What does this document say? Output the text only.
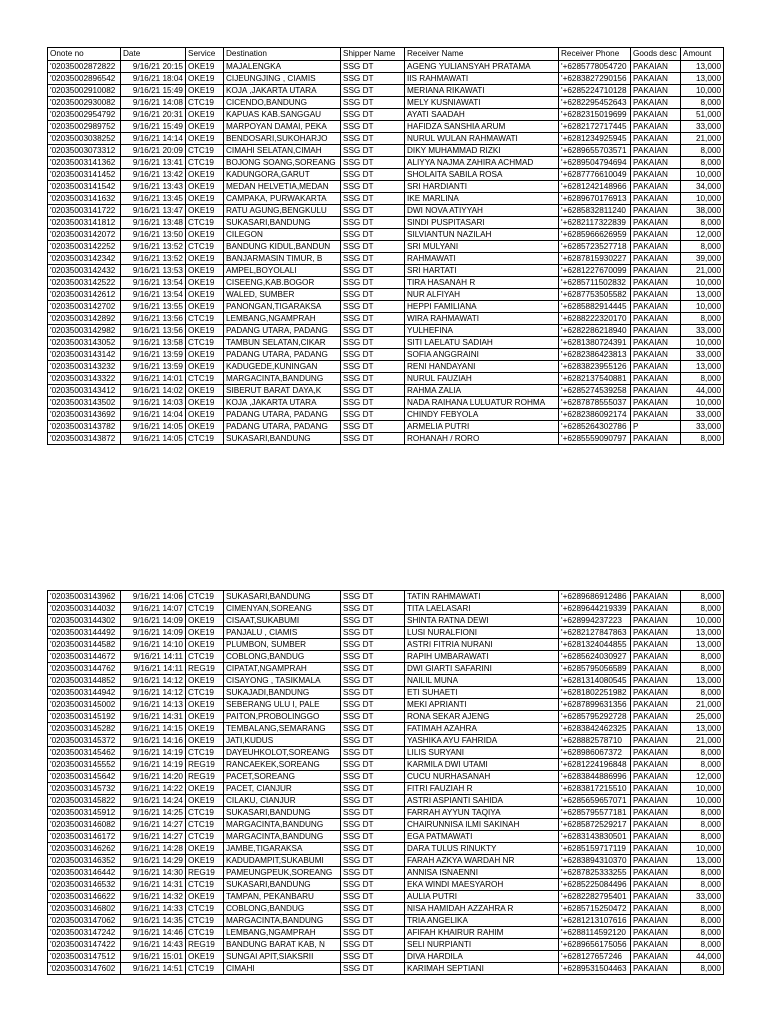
Onote no	Date	Service	Destination	Shipper Name	Receiver Name	Receiver Phone	Goods desc	Amount
'02035002872822	9/16/21 20:15	OKE19	MAJALENGKA	SSG DT	AGENG YULIANSYAH PRATAMA	'+6285778054720	PAKAIAN	13,000
'02035002896542	9/16/21 18:04	OKE19	CIJEUNGJING , CIAMIS	SSG DT	IIS RAHMAWATI	'+6283827290156	PAKAIAN	13,000
'02035002910082	9/16/21 15:49	OKE19	KOJA ,JAKARTA UTARA	SSG DT	MERIANA RIKAWATI	'+6285224710128	PAKAIAN	10,000
'02035002930082	9/16/21 14:08	CTC19	CICENDO,BANDUNG	SSG DT	MELY KUSNIAWATI	'+6282295452643	PAKAIAN	8,000
'02035002954792	9/16/21 20:31	OKE19	KAPUAS KAB.SANGGAU	SSG DT	AYATI SAADAH	'+6282315019699	PAKAIAN	51,000
'02035002989752	9/16/21 15:49	OKE19	MARPOYAN DAMAI, PEKA	SSG DT	HAFIDZA SANSHIA ARUM	'+6282172717445	PAKAIAN	33,000
'02035003038252	9/16/21 14:14	OKE19	BENDOSARI,SUKOHARJO	SSG DT	NURUL WULAN RAHMAWATI	'+6281234925945	PAKAIAN	21,000
'02035003073312	9/16/21 20:09	CTC19	CIMAHI SELATAN,CIMAH	SSG DT	DIKY MUHAMMAD RIZKI	'+6289655703571	PAKAIAN	8,000
'02035003141362	9/16/21 13:41	CTC19	BOJONG SOANG,SOREANG	SSG DT	ALIYYA NAJMA ZAHIRA ACHMAD	'+6289504794694	PAKAIAN	8,000
'02035003141452	9/16/21 13:42	OKE19	KADUNGORA,GARUT	SSG DT	SHOLAITA SABILA ROSA	'+6287776610049	PAKAIAN	10,000
'02035003141542	9/16/21 13:43	OKE19	MEDAN HELVETIA,MEDAN	SSG DT	SRI HARDIANTI	'+6281242148966	PAKAIAN	34,000
'02035003141632	9/16/21 13:45	OKE19	CAMPAKA, PURWAKARTA	SSG DT	IKE MARLINA	'+6289670176913	PAKAIAN	10,000
'02035003141722	9/16/21 13:47	OKE19	RATU AGUNG,BENGKULU	SSG DT	DWI NOVA ATIYYAH	'+6285832811240	PAKAIAN	38,000
'02035003141812	9/16/21 13:48	CTC19	SUKASARI,BANDUNG	SSG DT	SINDI PUSPITASARI	'+6282117322839	PAKAIAN	8,000
'02035003142072	9/16/21 13:50	OKE19	CILEGON	SSG DT	SILVIANTUN NAZILAH	'+6285966626959	PAKAIAN	12,000
'02035003142252	9/16/21 13:52	CTC19	BANDUNG KIDUL,BANDUN	SSG DT	SRI MULYANI	'+6285723527718	PAKAIAN	8,000
'02035003142342	9/16/21 13:52	OKE19	BANJARMASIN TIMUR, B	SSG DT	RAHMAWATI	'+6287815930227	PAKAIAN	39,000
'02035003142432	9/16/21 13:53	OKE19	AMPEL,BOYOLALI	SSG DT	SRI HARTATI	'+6281227670099	PAKAIAN	21,000
'02035003142522	9/16/21 13:54	OKE19	CISEENG,KAB.BOGOR	SSG DT	TIRA HASANAH R	'+6285711502832	PAKAIAN	10,000
'02035003142612	9/16/21 13:54	OKE19	WALED, SUMBER	SSG DT	NUR ALFIYAH	'+6287753505582	PAKAIAN	13,000
'02035003142702	9/16/21 13:55	OKE19	PANONGAN,TIGARAKSA	SSG DT	HEPPI FAMILIANA	'+6285882914445	PAKAIAN	10,000
'02035003142892	9/16/21 13:56	CTC19	LEMBANG,NGAMPRAH	SSG DT	WIRA RAHMAWATI	'+6288222320170	PAKAIAN	8,000
'02035003142982	9/16/21 13:56	OKE19	PADANG UTARA, PADANG	SSG DT	YULHEFINA	'+6282286218940	PAKAIAN	33,000
'02035003143052	9/16/21 13:58	CTC19	TAMBUN SELATAN,CIKAR	SSG DT	SITI LAELATU SADIAH	'+6281380724391	PAKAIAN	10,000
'02035003143142	9/16/21 13:59	OKE19	PADANG UTARA, PADANG	SSG DT	SOFIA ANGGRAINI	'+6282386423813	PAKAIAN	33,000
'02035003143232	9/16/21 13:59	OKE19	KADUGEDE,KUNINGAN	SSG DT	RENI HANDAYANI	'+6283823955126	PAKAIAN	13,000
'02035003143322	9/16/21 14:01	CTC19	MARGACINTA,BANDUNG	SSG DT	NURUL FAUZIAH	'+6282137540881	PAKAIAN	8,000
'02035003143412	9/16/21 14:02	OKE19	SIBERUT BARAT DAYA,K	SSG DT	RAHMA ZALIA	'+6285274539258	PAKAIAN	44,000
'02035003143502	9/16/21 14:03	OKE19	KOJA ,JAKARTA UTARA	SSG DT	NADA RAIHANA LULUATUR ROHMA	'+6287878555037	PAKAIAN	10,000
'02035003143692	9/16/21 14:04	OKE19	PADANG UTARA, PADANG	SSG DT	CHINDY FEBYOLA	'+6282386092174	PAKAIAN	33,000
'02035003143782	9/16/21 14:05	OKE19	PADANG UTARA, PADANG	SSG DT	ARMELIA PUTRI	'+6285264302786	P	33,000
'02035003143872	9/16/21 14:05	CTC19	SUKASARI,BANDUNG	SSG DT	ROHANAH / RORO	'+6285559090797	PAKAIAN	8,000
'02035003143962	9/16/21 14:06	CTC19	SUKASARI,BANDUNG	SSG DT	TATIN RAHMAWATI	'+6289686912486	PAKAIAN	8,000
'02035003144032	9/16/21 14:07	CTC19	CIMENYAN,SOREANG	SSG DT	TITA LAELASARI	'+6289644219339	PAKAIAN	8,000
'02035003144302	9/16/21 14:09	OKE19	CISAAT,SUKABUMI	SSG DT	SHINTA RATNA DEWI	'+628994237223	PAKAIAN	10,000
'02035003144492	9/16/21 14:09	OKE19	PANJALU , CIAMIS	SSG DT	LUSI NURALFIONI	'+6282127847863	PAKAIAN	13,000
'02035003144582	9/16/21 14:10	OKE19	PLUMBON, SUMBER	SSG DT	ASTRI FITRIA NURANI	'+6281324044855	PAKAIAN	13,000
'02035003144672	9/16/21 14:11	CTC19	COBLONG,BANDUG	SSG DT	RAPIH UMBARAWATI	'+6285624030927	PAKAIAN	8,000
'02035003144762	9/16/21 14:11	REG19	CIPATAT,NGAMPRAH	SSG DT	DWI GIARTI SAFARINI	'+6285795056589	PAKAIAN	8,000
'02035003144852	9/16/21 14:12	OKE19	CISAYONG , TASIKMALA	SSG DT	NAILIL MUNA	'+6281314080545	PAKAIAN	13,000
'02035003144942	9/16/21 14:12	CTC19	SUKAJADI,BANDUNG	SSG DT	ETI SUHAETI	'+6281802251982	PAKAIAN	8,000
'02035003145002	9/16/21 14:13	OKE19	SEBERANG ULU I, PALE	SSG DT	MEKI APRIANTI	'+6287899631356	PAKAIAN	21,000
'02035003145192	9/16/21 14:31	OKE19	PAITON,PROBOLINGGO	SSG DT	RONA SEKAR AJENG	'+6285795292728	PAKAIAN	25,000
'02035003145282	9/16/21 14:15	OKE19	TEMBALANG,SEMARANG	SSG DT	FATIMAH AZAHRA	'+6283842462325	PAKAIAN	13,000
'02035003145372	9/16/21 14:16	OKE19	JATI,KUDUS	SSG DT	YASHIKA AYU FAHRIDA	'+628882578710	PAKAIAN	21,000
'02035003145462	9/16/21 14:19	CTC19	DAYEUHKOLOT,SOREANG	SSG DT	LILIS SURYANI	'+628986067372	PAKAIAN	8,000
'02035003145552	9/16/21 14:19	REG19	RANCAEKEK,SOREANG	SSG DT	KARMILA DWI UTAMI	'+6281224196848	PAKAIAN	8,000
'02035003145642	9/16/21 14:20	REG19	PACET,SOREANG	SSG DT	CUCU NURHASANAH	'+6283844886996	PAKAIAN	12,000
'02035003145732	9/16/21 14:22	OKE19	PACET, CIANJUR	SSG DT	FITRI FAUZIAH R	'+6283817215510	PAKAIAN	10,000
'02035003145822	9/16/21 14:24	OKE19	CILAKU, CIANJUR	SSG DT	ASTRI ASPIANTI SAHIDA	'+6285659657071	PAKAIAN	10,000
'02035003145912	9/16/21 14:25	CTC19	SUKASARI,BANDUNG	SSG DT	FARRAH AYYUN TAQIYA	'+6285795577181	PAKAIAN	8,000
'02035003146082	9/16/21 14:27	CTC19	MARGACINTA,BANDUNG	SSG DT	CHAIRUNNISA ILMI SAKINAH	'+6285872529217	PAKAIAN	8,000
'02035003146172	9/16/21 14:27	CTC19	MARGACINTA,BANDUNG	SSG DT	EGA PATMAWATI	'+6283143830501	PAKAIAN	8,000
'02035003146262	9/16/21 14:28	OKE19	JAMBE,TIGARAKSA	SSG DT	DARA TULUS RINUKTY	'+6285159717119	PAKAIAN	10,000
'02035003146352	9/16/21 14:29	OKE19	KADUDAMPIT,SUKABUMI	SSG DT	FARAH AZKYA WARDAH NR	'+6283894310370	PAKAIAN	13,000
'02035003146442	9/16/21 14:30	REG19	PAMEUNGPEUK,SOREANG	SSG DT	ANNISA ISNAENNI	'+6287825333255	PAKAIAN	8,000
'02035003146532	9/16/21 14:31	CTC19	SUKASARI,BANDUNG	SSG DT	EKA WINDI MAESYAROH	'+6285225084496	PAKAIAN	8,000
'02035003146622	9/16/21 14:32	OKE19	TAMPAN, PEKANBARU	SSG DT	AULIA PUTRI	'+6282282795401	PAKAIAN	33,000
'02035003146802	9/16/21 14:33	CTC19	COBLONG,BANDUG	SSG DT	NISA HAMIDAH AZZAHRA R	'+6285715250472	PAKAIAN	8,000
'02035003147062	9/16/21 14:35	CTC19	MARGACINTA,BANDUNG	SSG DT	TRIA ANGELIKA	'+6281213107616	PAKAIAN	8,000
'02035003147242	9/16/21 14:46	CTC19	LEMBANG,NGAMPRAH	SSG DT	AFIFAH KHAIRUR RAHIM	'+6288114592120	PAKAIAN	8,000
'02035003147422	9/16/21 14:43	REG19	BANDUNG BARAT KAB, N	SSG DT	SELI NURPIANTI	'+6289656175056	PAKAIAN	8,000
'02035003147512	9/16/21 15:01	OKE19	SUNGAI APIT,SIAKSRII	SSG DT	DIVA HARDILA	'+628127657246	PAKAIAN	44,000
'02035003147602	9/16/21 14:51	CTC19	CIMAHI	SSG DT	KARIMAH SEPTIANI	'+6289531504463	PAKAIAN	8,000
